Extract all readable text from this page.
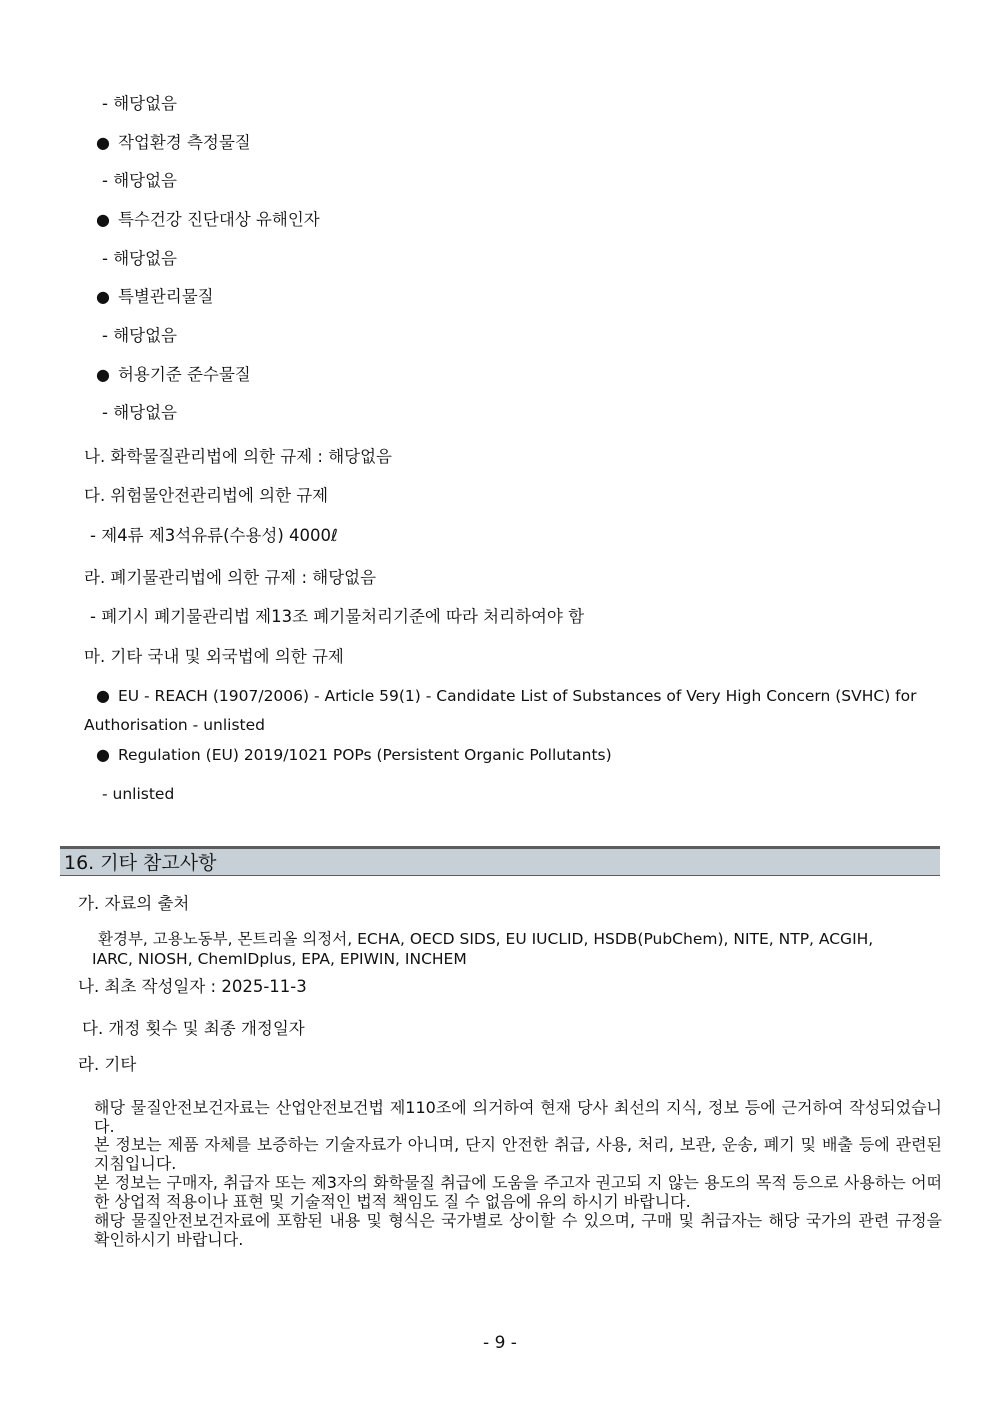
- 해당없음
● 작업환경 측정물질
- 해당없음
● 특수건강 진단대상 유해인자
- 해당없음
● 특별관리물질
- 해당없음
● 허용기준 준수물질
- 해당없음
나. 화학물질관리법에 의한 규제 : 해당없음
다. 위험물안전관리법에 의한 규제
- 제4류 제3석유류(수용성) 4000ℓ
라. 폐기물관리법에 의한 규제 : 해당없음
- 폐기시 폐기물관리법 제13조 폐기물처리기준에 따라 처리하여야 함
마. 기타 국내 및 외국법에 의한 규제
● EU - REACH (1907/2006) - Article 59(1) - Candidate List of Substances of Very High Concern (SVHC) for
Authorisation - unlisted
● Regulation (EU) 2019/1021 POPs (Persistent Organic Pollutants)
- unlisted
16. 기타 참고사항
가. 자료의 출처
환경부, 고용노동부, 몬트리올 의정서, ECHA, OECD SIDS, EU IUCLID, HSDB(PubChem), NITE, NTP, ACGIH,
IARC, NIOSH, ChemIDplus, EPA, EPIWIN, INCHEM
나. 최초 작성일자 : 2025-11-3
다. 개정 횟수 및 최종 개정일자
라. 기타
해당 물질안전보건자료는 산업안전보건법 제110조에 의거하여 현재 당사 최선의 지식, 정보 등에 근거하여 작성되었습니다.
본 정보는 제품 자체를 보증하는 기술자료가 아니며, 단지 안전한 취급, 사용, 처리, 보관, 운송, 폐기 및 배출 등에 관련된 지침입니다.
본 정보는 구매자, 취급자 또는 제3자의 화학물질 취급에 도움을 주고자 권고되 지 않는 용도의 목적 등으로 사용하는 어떠한 상업적 적용이나 표현 및 기술적인 법적 책임도 질 수 없음에 유의 하시기 바랍니다.
해당 물질안전보건자료에 포함된 내용 및 형식은 국가별로 상이할 수 있으며, 구매 및 취급자는 해당 국가의 관련 규정을 확인하시기 바랍니다.
- 9 -
